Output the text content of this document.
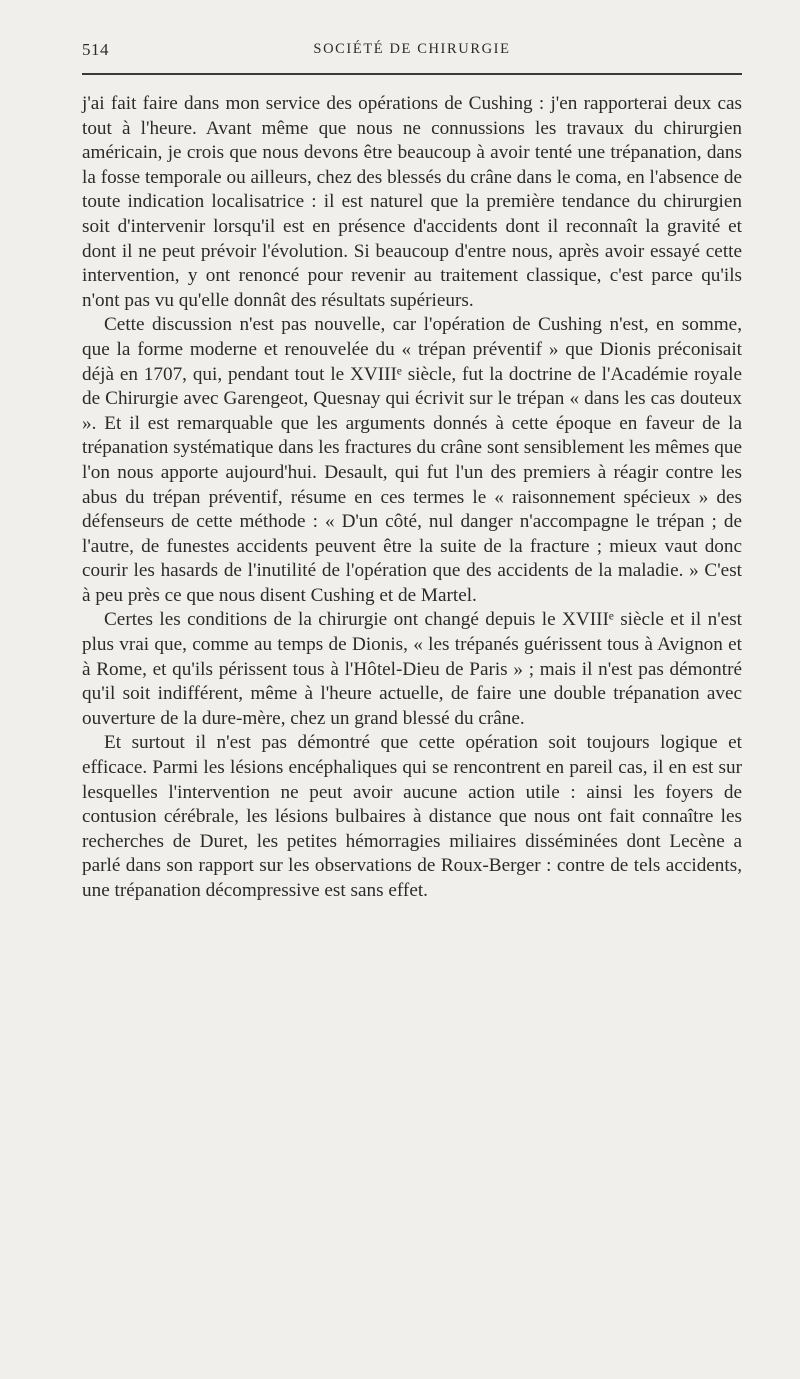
514	SOCIÉTÉ DE CHIRURGIE

j'ai fait faire dans mon service des opérations de Cushing : j'en rapporterai deux cas tout à l'heure. Avant même que nous ne connussions les travaux du chirurgien américain, je crois que nous devons être beaucoup à avoir tenté une trépanation, dans la fosse temporale ou ailleurs, chez des blessés du crâne dans le coma, en l'absence de toute indication localisatrice : il est naturel que la première tendance du chirurgien soit d'intervenir lorsqu'il est en présence d'accidents dont il reconnaît la gravité et dont il ne peut prévoir l'évolution. Si beaucoup d'entre nous, après avoir essayé cette intervention, y ont renoncé pour revenir au traitement classique, c'est parce qu'ils n'ont pas vu qu'elle donnât des résultats supérieurs.

Cette discussion n'est pas nouvelle, car l'opération de Cushing n'est, en somme, que la forme moderne et renouvelée du « trépan préventif » que Dionis préconisait déjà en 1707, qui, pendant tout le XVIIIᵉ siècle, fut la doctrine de l'Académie royale de Chirurgie avec Garengeot, Quesnay qui écrivit sur le trépan « dans les cas douteux ». Et il est remarquable que les arguments donnés à cette époque en faveur de la trépanation systématique dans les fractures du crâne sont sensiblement les mêmes que l'on nous apporte aujourd'hui. Desault, qui fut l'un des premiers à réagir contre les abus du trépan préventif, résume en ces termes le « raisonnement spécieux » des défenseurs de cette méthode : « D'un côté, nul danger n'accompagne le trépan ; de l'autre, de funestes accidents peuvent être la suite de la fracture ; mieux vaut donc courir les hasards de l'inutilité de l'opération que des accidents de la maladie. » C'est à peu près ce que nous disent Cushing et de Martel.

Certes les conditions de la chirurgie ont changé depuis le XVIIIᵉ siècle et il n'est plus vrai que, comme au temps de Dionis, « les trépanés guérissent tous à Avignon et à Rome, et qu'ils périssent tous à l'Hôtel-Dieu de Paris » ; mais il n'est pas démontré qu'il soit indifférent, même à l'heure actuelle, de faire une double trépanation avec ouverture de la dure-mère, chez un grand blessé du crâne.

Et surtout il n'est pas démontré que cette opération soit toujours logique et efficace. Parmi les lésions encéphaliques qui se rencontrent en pareil cas, il en est sur lesquelles l'intervention ne peut avoir aucune action utile : ainsi les foyers de contusion cérébrale, les lésions bulbaires à distance que nous ont fait connaître les recherches de Duret, les petites hémorragies miliaires disséminées dont Lecène a parlé dans son rapport sur les observations de Roux-Berger : contre de tels accidents, une trépanation décompressive est sans effet.
